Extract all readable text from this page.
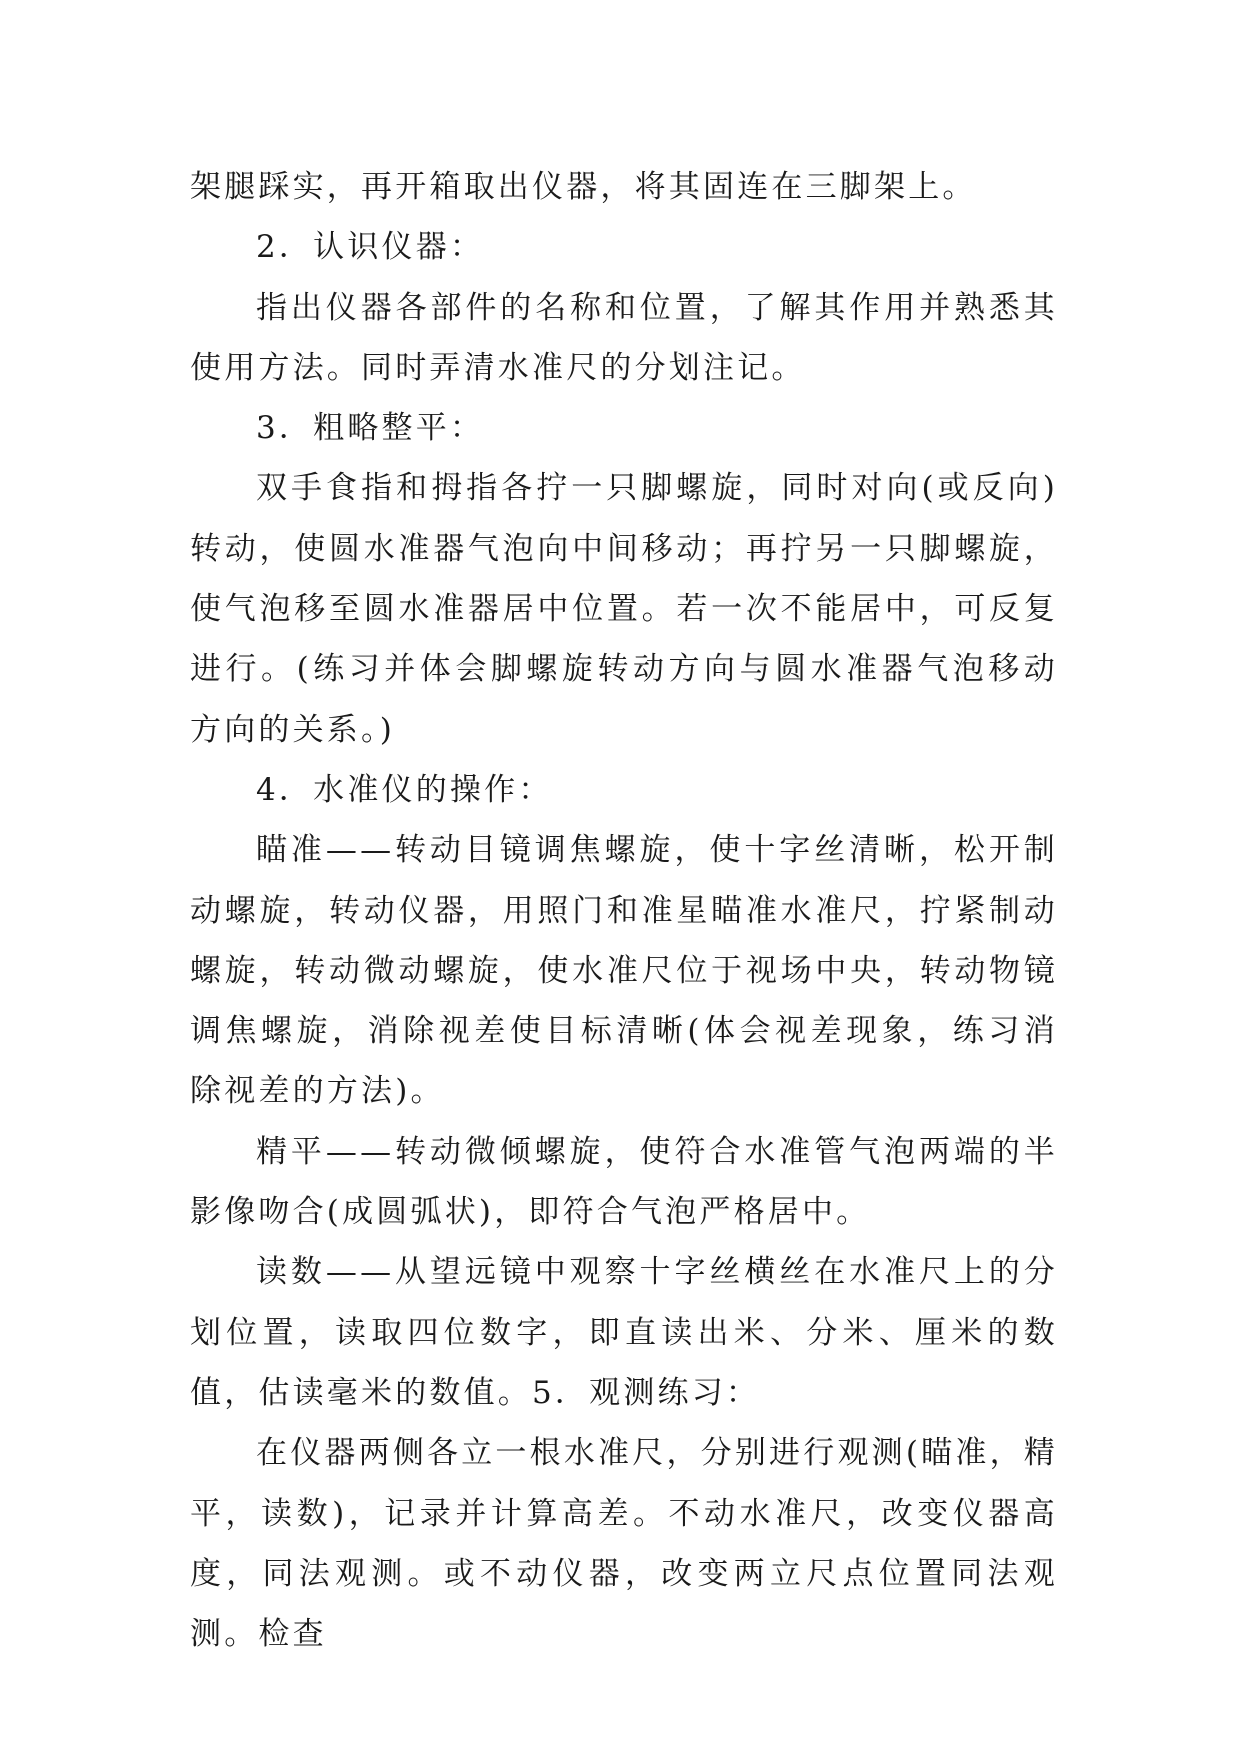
架腿踩实，再开箱取出仪器，将其固连在三脚架上。

2．认识仪器：

指出仪器各部件的名称和位置，了解其作用并熟悉其使用方法。同时弄清水准尺的分划注记。

3．粗略整平：

双手食指和拇指各拧一只脚螺旋，同时对向(或反向)转动，使圆水准器气泡向中间移动；再拧另一只脚螺旋，使气泡移至圆水准器居中位置。若一次不能居中，可反复进行。(练习并体会脚螺旋转动方向与圆水准器气泡移动方向的关系。)

4．水准仪的操作：

瞄准——转动目镜调焦螺旋，使十字丝清晰，松开制动螺旋，转动仪器，用照门和准星瞄准水准尺，拧紧制动螺旋，转动微动螺旋，使水准尺位于视场中央，转动物镜调焦螺旋，消除视差使目标清晰(体会视差现象，练习消除视差的方法)。

精平——转动微倾螺旋，使符合水准管气泡两端的半影像吻合(成圆弧状)，即符合气泡严格居中。

读数——从望远镜中观察十字丝横丝在水准尺上的分划位置，读取四位数字，即直读出米、分米、厘米的数值，估读毫米的数值。5．观测练习：

在仪器两侧各立一根水准尺，分别进行观测(瞄准，精平，读数)，记录并计算高差。不动水准尺，改变仪器高度，同法观测。或不动仪器，改变两立尺点位置同法观测。检查
